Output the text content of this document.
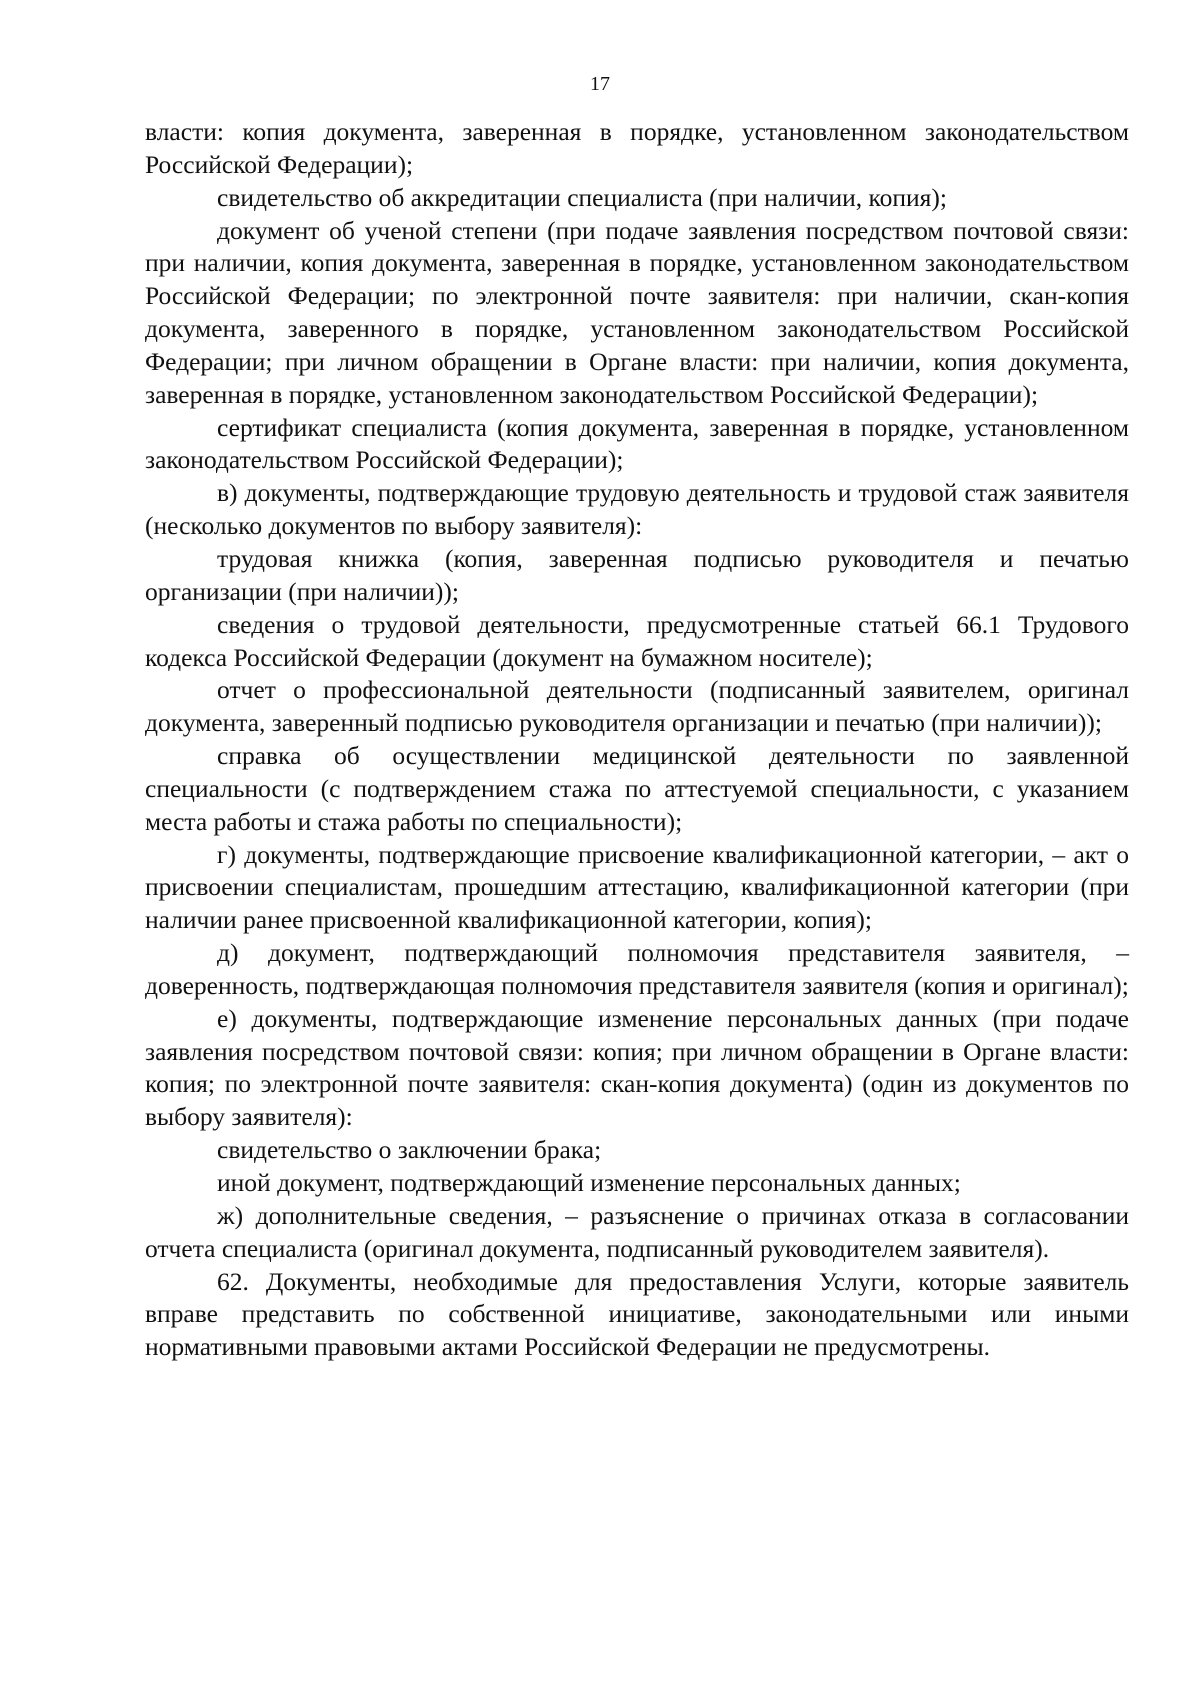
17

власти: копия документа, заверенная в порядке, установленном законодательством Российской Федерации);

свидетельство об аккредитации специалиста (при наличии, копия);

документ об ученой степени (при подаче заявления посредством почтовой связи: при наличии, копия документа, заверенная в порядке, установленном законодательством Российской Федерации; по электронной почте заявителя: при наличии, скан-копия документа, заверенного в порядке, установленном законодательством Российской Федерации; при личном обращении в Органе власти: при наличии, копия документа, заверенная в порядке, установленном законодательством Российской Федерации);

сертификат специалиста (копия документа, заверенная в порядке, установленном законодательством Российской Федерации);

в) документы, подтверждающие трудовую деятельность и трудовой стаж заявителя (несколько документов по выбору заявителя):

трудовая книжка (копия, заверенная подписью руководителя и печатью организации (при наличии));

сведения о трудовой деятельности, предусмотренные статьей 66.1 Трудового кодекса Российской Федерации (документ на бумажном носителе);

отчет о профессиональной деятельности (подписанный заявителем, оригинал документа, заверенный подписью руководителя организации и печатью (при наличии));

справка об осуществлении медицинской деятельности по заявленной специальности (с подтверждением стажа по аттестуемой специальности, с указанием места работы и стажа работы по специальности);

г) документы, подтверждающие присвоение квалификационной категории, – акт о присвоении специалистам, прошедшим аттестацию, квалификационной категории (при наличии ранее присвоенной квалификационной категории, копия);

д) документ, подтверждающий полномочия представителя заявителя, – доверенность, подтверждающая полномочия представителя заявителя (копия и оригинал);

е) документы, подтверждающие изменение персональных данных (при подаче заявления посредством почтовой связи: копия; при личном обращении в Органе власти: копия; по электронной почте заявителя: скан-копия документа) (один из документов по выбору заявителя):

свидетельство о заключении брака;

иной документ, подтверждающий изменение персональных данных;

ж) дополнительные сведения, – разъяснение о причинах отказа в согласовании отчета специалиста (оригинал документа, подписанный руководителем заявителя).

62. Документы, необходимые для предоставления Услуги, которые заявитель вправе представить по собственной инициативе, законодательными или иными нормативными правовыми актами Российской Федерации не предусмотрены.
